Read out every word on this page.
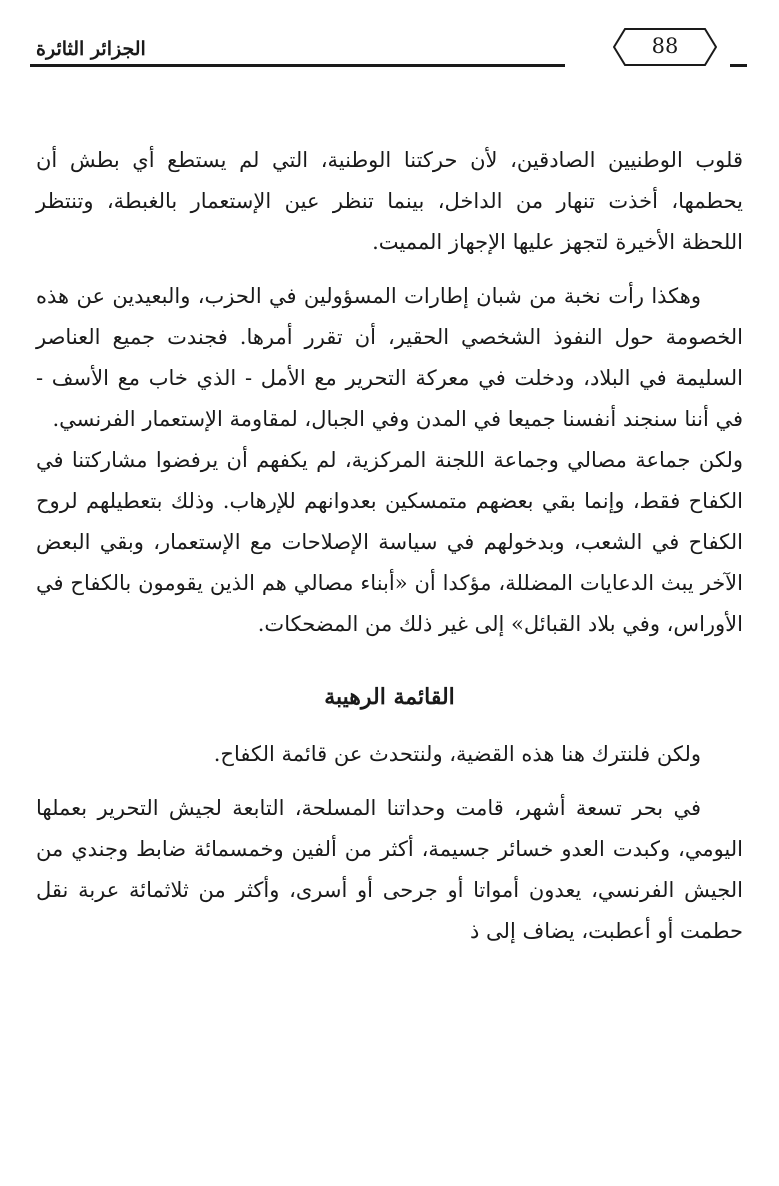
الجزائر الثائرة	88

قلوب الوطنيين الصادقين، لأن حركتنا الوطنية، التي لم يستطع أي بطش أن يحطمها، أخذت تنهار من الداخل، بينما تنظر عين الإستعمار بالغبطة، وتنتظر اللحظة الأخيرة لتجهز عليها الإجهاز المميت.

وهكذا رأت نخبة من شبان إطارات المسؤولين في الحزب، والبعيدين عن هذه الخصومة حول النفوذ الشخصي الحقير، أن تقرر أمرها. فجندت جميع العناصر السليمة في البلاد، ودخلت في معركة التحرير مع الأمل - الذي خاب مع الأسف - في أننا سنجند أنفسنا جميعا في المدن وفي الجبال، لمقاومة الإستعمار الفرنسي.

ولكن جماعة مصالي وجماعة اللجنة المركزية، لم يكفهم أن يرفضوا مشاركتنا في الكفاح فقط، وإنما بقي بعضهم متمسكين بعدوانهم للإرهاب. وذلك بتعطيلهم لروح الكفاح في الشعب، وبدخولهم في سياسة الإصلاحات مع الإستعمار، وبقي البعض الآخر يبث الدعايات المضللة، مؤكدا أن «أبناء مصالي هم الذين يقومون بالكفاح في الأوراس، وفي بلاد القبائل» إلى غير ذلك من المضحكات.

القائمة الرهيبة

ولكن فلنترك هنا هذه القضية، ولنتحدث عن قائمة الكفاح.

في بحر تسعة أشهر، قامت وحداتنا المسلحة، التابعة لجيش التحرير بعملها اليومي، وكبدت العدو خسائر جسيمة، أكثر من ألفين وخمسمائة ضابط وجندي من الجيش الفرنسي، يعدون أمواتا أو جرحى أو أسرى، وأكثر من ثلاثمائة عربة نقل حطمت أو أعطبت، يضاف إلى ذ
